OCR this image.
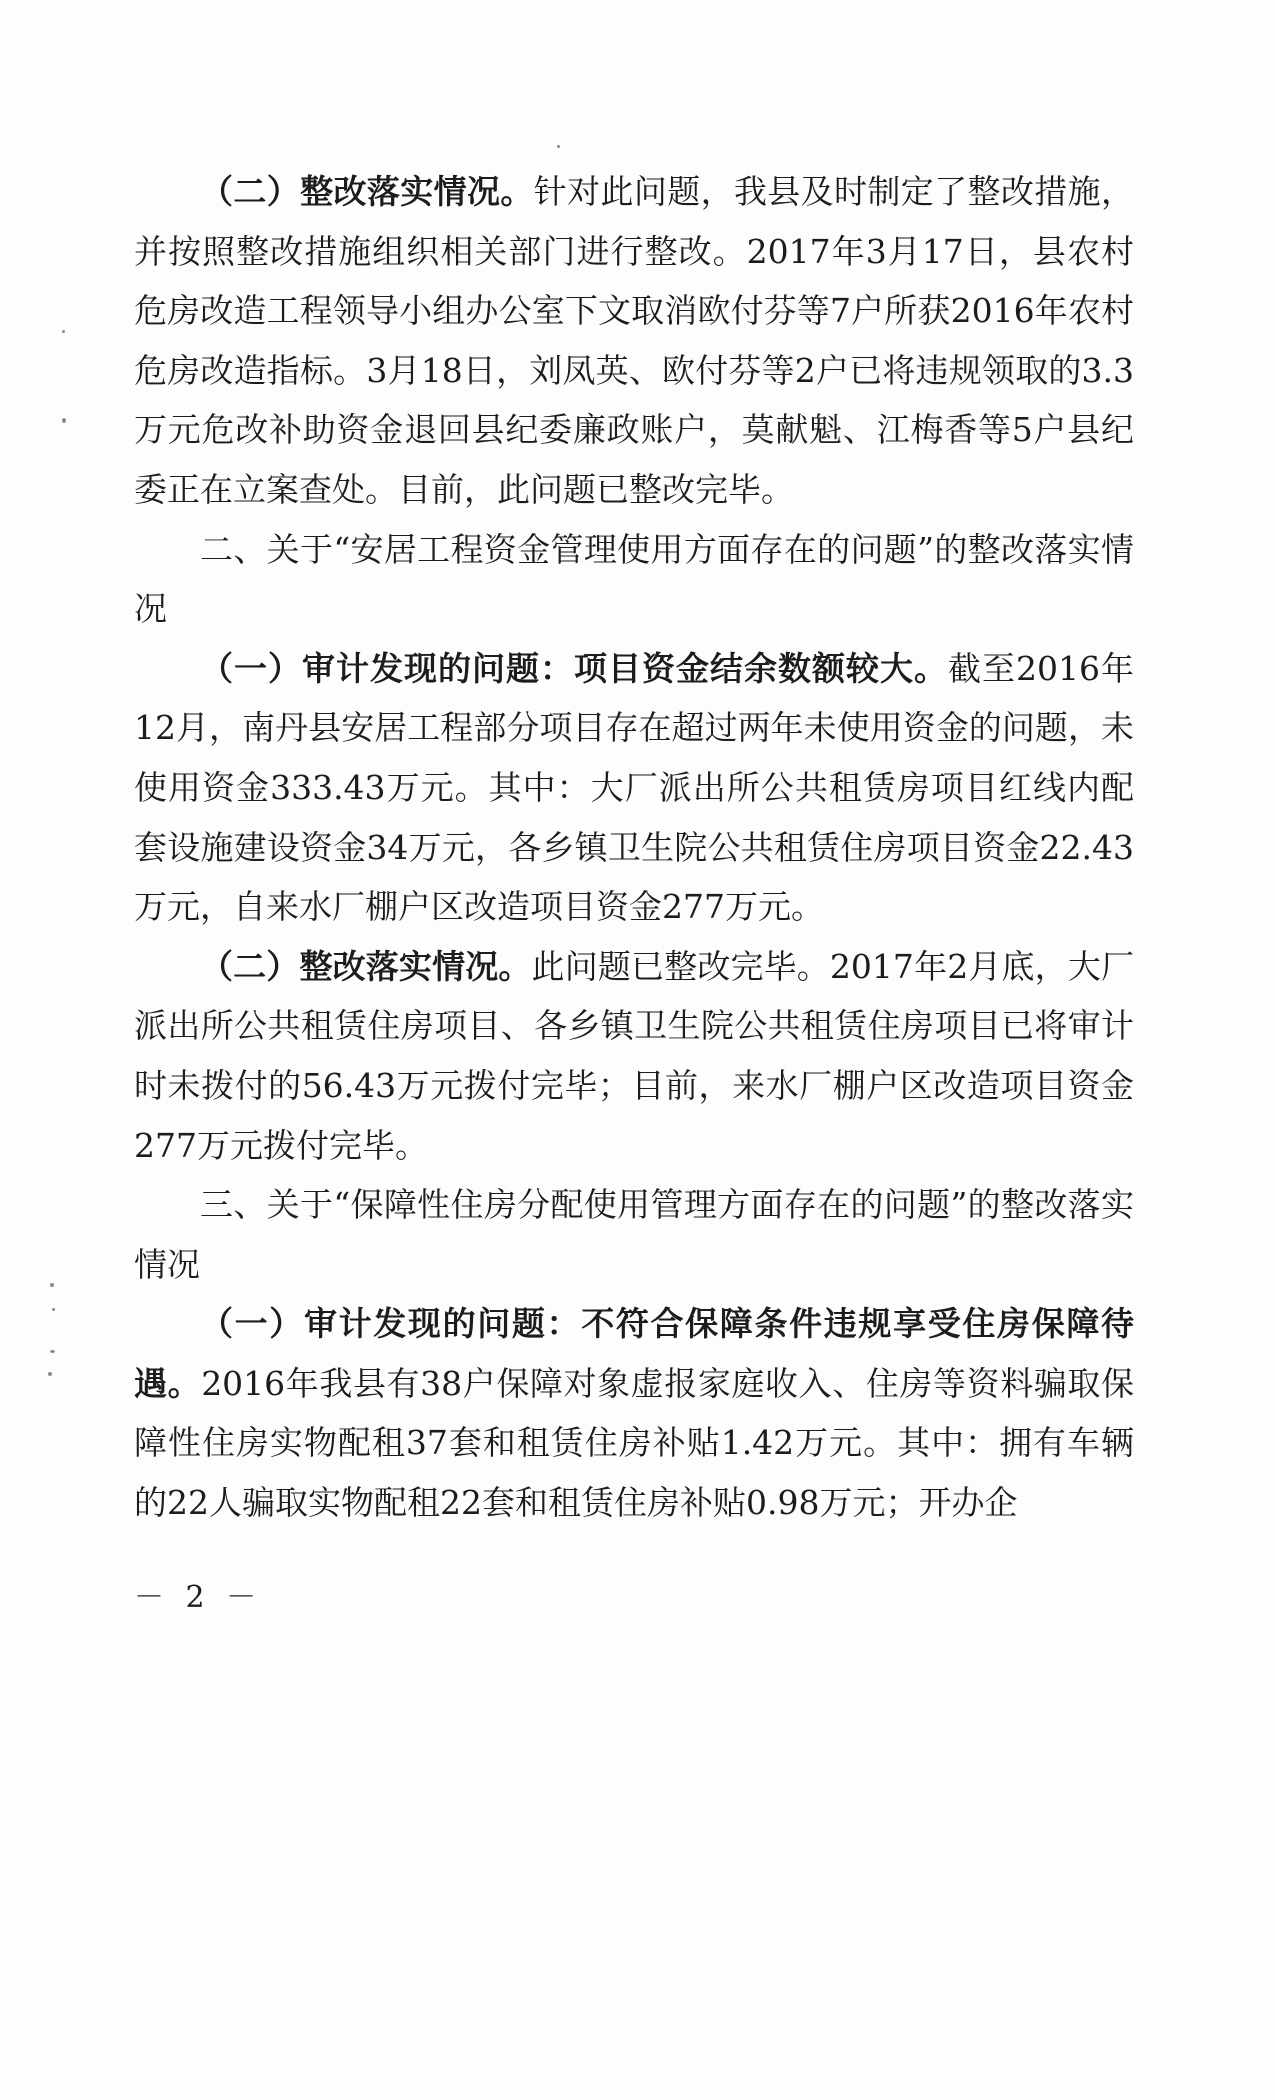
（二）整改落实情况。针对此问题，我县及时制定了整改措施，并按照整改措施组织相关部门进行整改。2017年3月17日，县农村危房改造工程领导小组办公室下文取消欧付芬等7户所获2016年农村危房改造指标。3月18日，刘凤英、欧付芬等2户已将违规领取的3.3万元危改补助资金退回县纪委廉政账户，莫献魁、江梅香等5户县纪委正在立案查处。目前，此问题已整改完毕。

二、关于“安居工程资金管理使用方面存在的问题”的整改落实情况

（一）审计发现的问题：项目资金结余数额较大。截至2016年12月，南丹县安居工程部分项目存在超过两年未使用资金的问题，未使用资金333.43万元。其中：大厂派出所公共租赁房项目红线内配套设施建设资金34万元，各乡镇卫生院公共租赁住房项目资金22.43万元，自来水厂棚户区改造项目资金277万元。

（二）整改落实情况。此问题已整改完毕。2017年2月底，大厂派出所公共租赁住房项目、各乡镇卫生院公共租赁住房项目已将审计时未拨付的56.43万元拨付完毕；目前，来水厂棚户区改造项目资金277万元拨付完毕。

三、关于“保障性住房分配使用管理方面存在的问题”的整改落实情况

（一）审计发现的问题：不符合保障条件违规享受住房保障待遇。2016年我县有38户保障对象虚报家庭收入、住房等资料骗取保障性住房实物配租37套和租赁住房补贴1.42万元。其中：拥有车辆的22人骗取实物配租22套和租赁住房补贴0.98万元；开办企

－ 2 －
